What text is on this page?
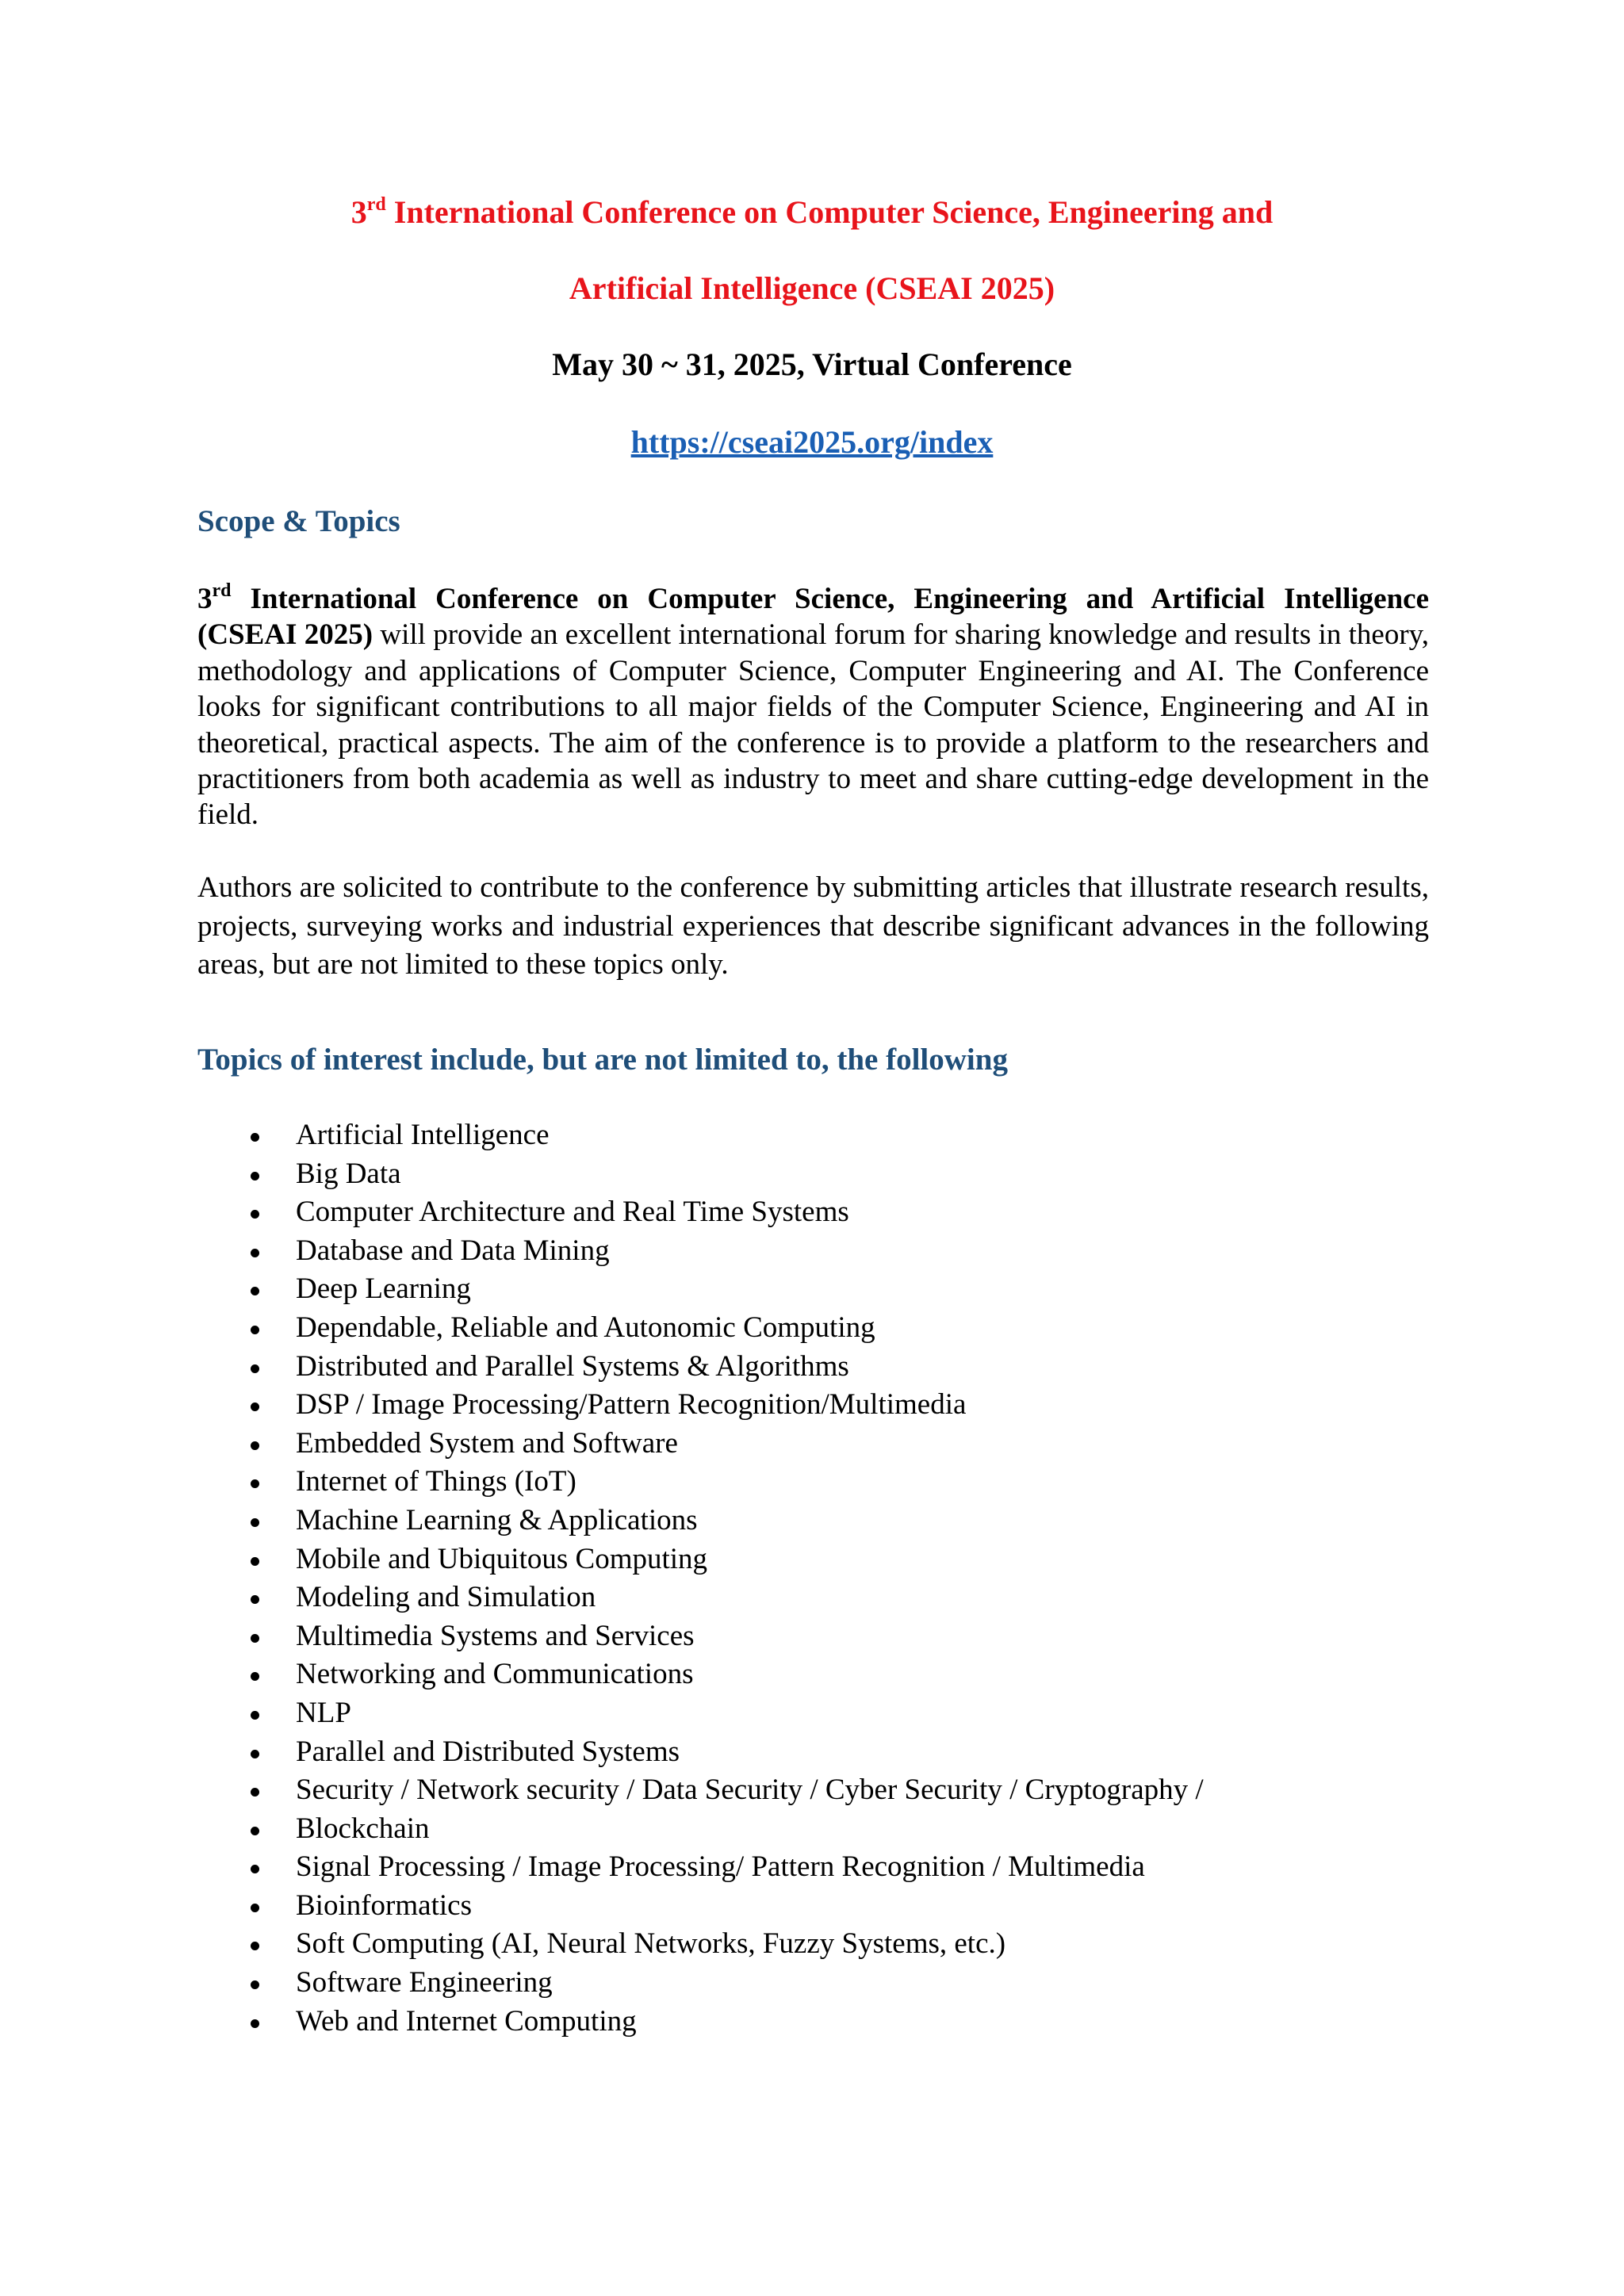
3rd International Conference on Computer Science, Engineering and
Artificial Intelligence (CSEAI 2025)
May 30 ~ 31, 2025, Virtual Conference
https://cseai2025.org/index
Scope & Topics
3rd International Conference on Computer Science, Engineering and Artificial Intelligence (CSEAI 2025) will provide an excellent international forum for sharing knowledge and results in theory, methodology and applications of Computer Science, Computer Engineering and AI. The Conference looks for significant contributions to all major fields of the Computer Science, Engineering and AI in theoretical, practical aspects. The aim of the conference is to provide a platform to the researchers and practitioners from both academia as well as industry to meet and share cutting-edge development in the field.
Authors are solicited to contribute to the conference by submitting articles that illustrate research results, projects, surveying works and industrial experiences that describe significant advances in the following areas, but are not limited to these topics only.
Topics of interest include, but are not limited to, the following
Artificial Intelligence
Big Data
Computer Architecture and Real Time Systems
Database and Data Mining
Deep Learning
Dependable, Reliable and Autonomic Computing
Distributed and Parallel Systems & Algorithms
DSP / Image Processing/Pattern Recognition/Multimedia
Embedded System and Software
Internet of Things (IoT)
Machine Learning & Applications
Mobile and Ubiquitous Computing
Modeling and Simulation
Multimedia Systems and Services
Networking and Communications
NLP
Parallel and Distributed Systems
Security / Network security / Data Security / Cyber Security / Cryptography /
Blockchain
Signal Processing / Image Processing/ Pattern Recognition / Multimedia
Bioinformatics
Soft Computing (AI, Neural Networks, Fuzzy Systems, etc.)
Software Engineering
Web and Internet Computing
